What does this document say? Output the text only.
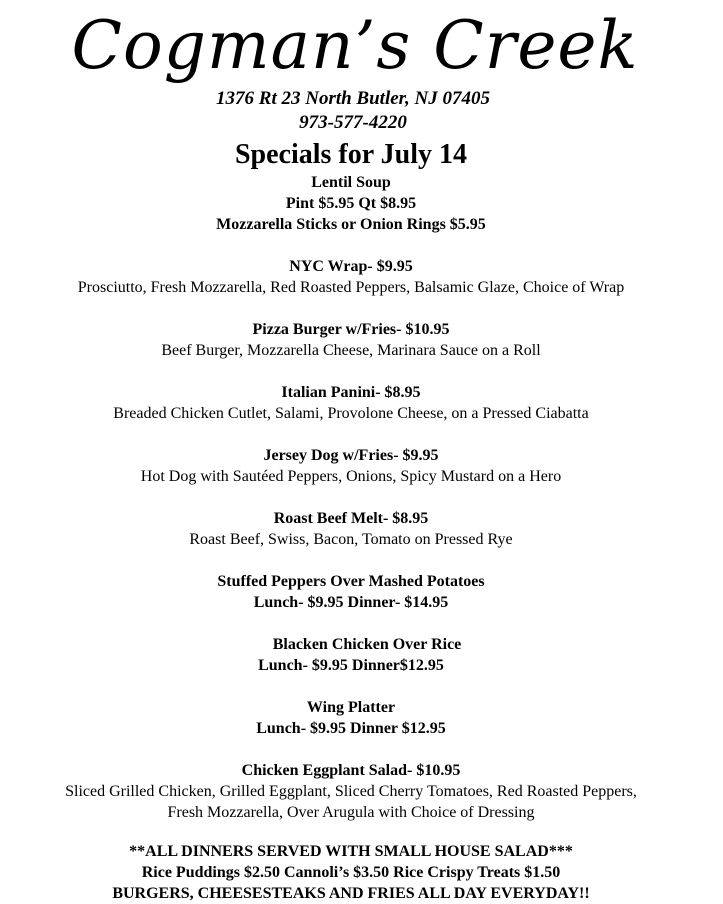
Cogman’s Creek
1376 Rt 23 North Butler, NJ 07405
973-577-4220
Specials for July 14
Lentil Soup
Pint $5.95 Qt $8.95
Mozzarella Sticks or Onion Rings $5.95
NYC Wrap- $9.95
Prosciutto, Fresh Mozzarella, Red Roasted Peppers, Balsamic Glaze, Choice of Wrap
Pizza Burger w/Fries- $10.95
Beef Burger, Mozzarella Cheese, Marinara Sauce on a Roll
Italian Panini- $8.95
Breaded Chicken Cutlet, Salami, Provolone Cheese, on a Pressed Ciabatta
Jersey Dog w/Fries- $9.95
Hot Dog with Sautéed Peppers, Onions, Spicy Mustard on a Hero
Roast Beef Melt- $8.95
Roast Beef, Swiss, Bacon, Tomato on Pressed Rye
Stuffed Peppers Over Mashed Potatoes
Lunch- $9.95 Dinner- $14.95
Blacken Chicken Over Rice
Lunch- $9.95 Dinner$12.95
Wing Platter
Lunch- $9.95 Dinner $12.95
Chicken Eggplant Salad- $10.95
Sliced Grilled Chicken, Grilled Eggplant, Sliced Cherry Tomatoes, Red Roasted Peppers,
Fresh Mozzarella, Over Arugula with Choice of Dressing
**ALL DINNERS SERVED WITH SMALL HOUSE SALAD***
Rice Puddings $2.50 Cannoli’s $3.50 Rice Crispy Treats $1.50
BURGERS, CHEESESTEAKS AND FRIES ALL DAY EVERYDAY!!
